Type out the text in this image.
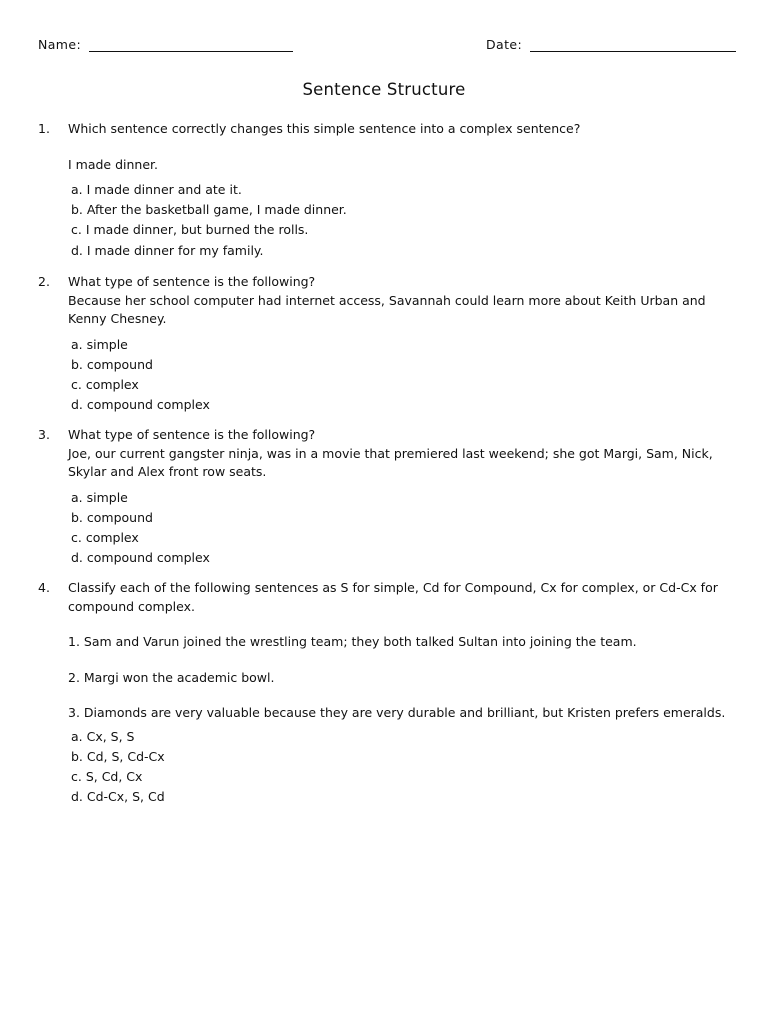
Name:	Date:
Sentence Structure
1. Which sentence correctly changes this simple sentence into a complex sentence?

I made dinner.

a. I made dinner and ate it.
b. After the basketball game, I made dinner.
c. I made dinner, but burned the rolls.
d. I made dinner for my family.
2. What type of sentence is the following?

Because her school computer had internet access, Savannah could learn more about Keith Urban and Kenny Chesney.

a. simple
b. compound
c. complex
d. compound complex
3. What type of sentence is the following?

Joe, our current gangster ninja, was in a movie that premiered last weekend; she got Margi, Sam, Nick, Skylar and Alex front row seats.

a. simple
b. compound
c. complex
d. compound complex
4. Classify each of the following sentences as S for simple, Cd for Compound, Cx for complex, or Cd-Cx for compound complex.

1. Sam and Varun joined the wrestling team; they both talked Sultan into joining the team.

2. Margi won the academic bowl.

3. Diamonds are very valuable because they are very durable and brilliant, but Kristen prefers emeralds.

a. Cx, S, S
b. Cd, S, Cd-Cx
c. S, Cd, Cx
d. Cd-Cx, S, Cd
